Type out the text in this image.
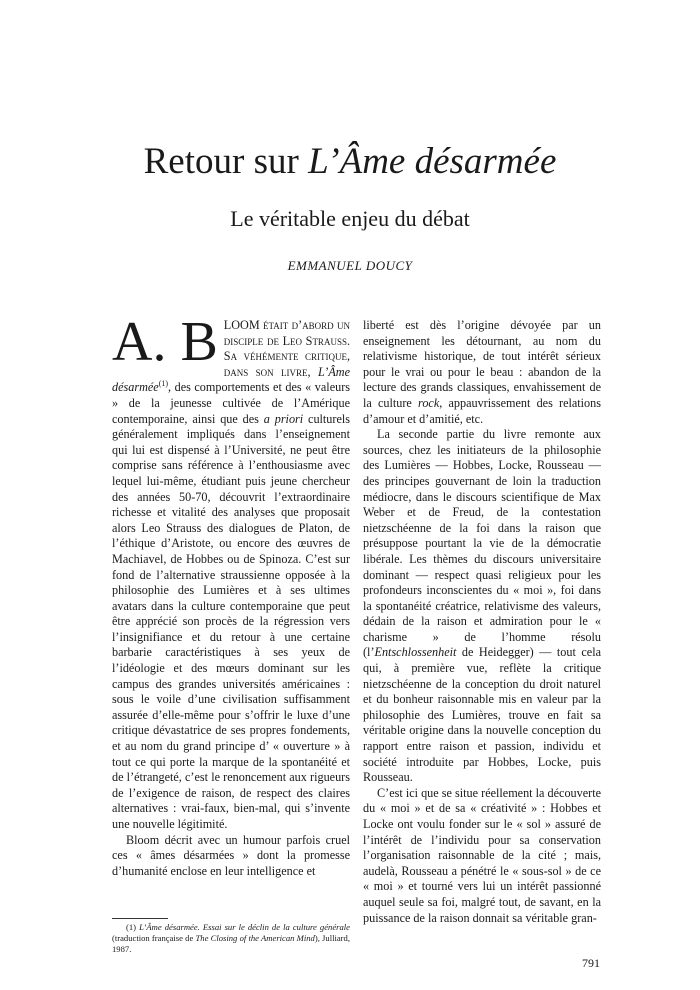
Retour sur L’Âme désarmée
Le véritable enjeu du débat
EMMANUEL DOUCY

A. B LOOM était d’abord un disciple de Leo Strauss. Sa véhémente critique, dans son livre, L’Âme désarmée$^{(1)}$, des comportements et des « valeurs » de la jeunesse cultivée de l’Amérique contemporaine, ainsi que des a priori culturels généralement impliqués dans l’enseignement qui lui est dispensé à l’Université, ne peut être comprise sans référence à l’enthousiasme avec lequel lui-même, étudiant puis jeune chercheur des années 50-70, découvrit l’extraordinaire richesse et vitalité des analyses que proposait alors Leo Strauss des dialogues de Platon, de l’éthique d’Aristote, ou encore des œuvres de Machiavel, de Hobbes ou de Spinoza. C’est sur fond de l’alternative straussienne opposée à la philosophie des Lumières et à ses ultimes avatars dans la culture contemporaine que peut être apprécié son procès de la régression vers l’insignifiance et du retour à une certaine barbarie caractéristiques à ses yeux de l’idéologie et des mœurs dominant sur les campus des grandes universités américaines : sous le voile d’une civilisation suffisamment assurée d’elle-même pour s’offrir le luxe d’une critique dévastatrice de ses propres fondements, et au nom du grand principe d’ « ouverture » à tout ce qui porte la marque de la spontanéité et de l’étrangeté, c’est le renoncement aux rigueurs de l’exigence de raison, de respect des claires alternatives : vrai-faux, bien-mal, qui s’invente une nouvelle légitimité.

Bloom décrit avec un humour parfois cruel ces « âmes désarmées » dont la promesse d’humanité enclose en leur intelligence et

liberté est dès l’origine dévoyée par un enseignement les détournant, au nom du relativisme historique, de tout intérêt sérieux pour le vrai ou pour le beau : abandon de la lecture des grands classiques, envahissement de la culture rock, appauvrissement des relations d’amour et d’amitié, etc.

La seconde partie du livre remonte aux sources, chez les initiateurs de la philosophie des Lumières — Hobbes, Locke, Rousseau — des principes gouvernant de loin la traduction médiocre, dans le discours scientifique de Max Weber et de Freud, de la contestation nietzschéenne de la foi dans la raison que présuppose pourtant la vie de la démocratie libérale. Les thèmes du discours universitaire dominant — respect quasi religieux pour les profondeurs inconscientes du « moi », foi dans la spontanéité créatrice, relativisme des valeurs, dédain de la raison et admiration pour le « charisme » de l’homme résolu (l’Entschlossenheit de Heidegger) — tout cela qui, à première vue, reflète la critique nietzschéenne de la conception du droit naturel et du bonheur raisonnable mis en valeur par la philosophie des Lumières, trouve en fait sa véritable origine dans la nouvelle conception du rapport entre raison et passion, individu et société introduite par Hobbes, Locke, puis Rousseau.

C’est ici que se situe réellement la découverte du « moi » et de sa « créativité » : Hobbes et Locke ont voulu fonder sur le « sol » assuré de l’intérêt de l’individu pour sa conservation l’organisation raisonnable de la cité ; mais, audelà, Rousseau a pénétré le « sous-sol » de ce « moi » et tourné vers lui un intérêt passionné auquel seule sa foi, malgré tout, de savant, en la puissance de la raison donnait sa véritable gran-

(1) L’Âme désarmée. Essai sur le déclin de la culture générale (traduction française de The Closing of the American Mind), Julliard, 1987.
791
